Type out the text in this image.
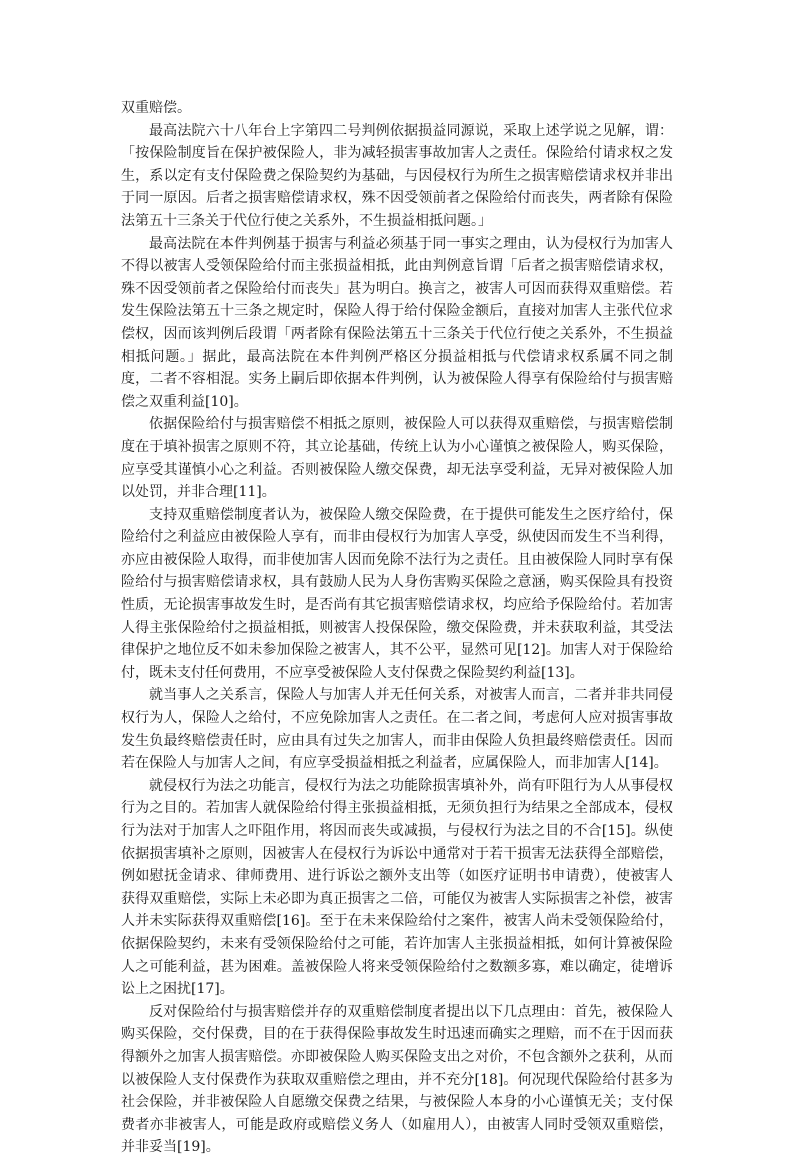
双重赔偿。

最高法院六十八年台上字第四二号判例依据损益同源说，采取上述学说之见解，谓：「按保险制度旨在保护被保险人，非为减轻损害事故加害人之责任。保险给付请求权之发生，系以定有支付保险费之保险契约为基础，与因侵权行为所生之损害赔偿请求权并非出于同一原因。后者之损害赔偿请求权，殊不因受领前者之保险给付而丧失，两者除有保险法第五十三条关于代位行使之关系外，不生损益相抵问题。」

最高法院在本件判例基于损害与利益必须基于同一事实之理由，认为侵权行为加害人不得以被害人受领保险给付而主张损益相抵，此由判例意旨谓「后者之损害赔偿请求权，殊不因受领前者之保险给付而丧失」甚为明白。换言之，被害人可因而获得双重赔偿。若发生保险法第五十三条之规定时，保险人得于给付保险金额后，直接对加害人主张代位求偿权，因而该判例后段谓「两者除有保险法第五十三条关于代位行使之关系外，不生损益相抵问题。」据此，最高法院在本件判例严格区分损益相抵与代偿请求权系属不同之制度，二者不容相混。实务上嗣后即依据本件判例，认为被保险人得享有保险给付与损害赔偿之双重利益[10]。

依据保险给付与损害赔偿不相抵之原则，被保险人可以获得双重赔偿，与损害赔偿制度在于填补损害之原则不符，其立论基础，传统上认为小心谨慎之被保险人，购买保险，应享受其谨慎小心之利益。否则被保险人缴交保费，却无法享受利益，无异对被保险人加以处罚，并非合理[11]。

支持双重赔偿制度者认为，被保险人缴交保险费，在于提供可能发生之医疗给付，保险给付之利益应由被保险人享有，而非由侵权行为加害人享受，纵使因而发生不当利得，亦应由被保险人取得，而非使加害人因而免除不法行为之责任。且由被保险人同时享有保险给付与损害赔偿请求权，具有鼓励人民为人身伤害购买保险之意涵，购买保险具有投资性质，无论损害事故发生时，是否尚有其它损害赔偿请求权，均应给予保险给付。若加害人得主张保险给付之损益相抵，则被害人投保保险，缴交保险费，并未获取利益，其受法律保护之地位反不如未参加保险之被害人，其不公平，显然可见[12]。加害人对于保险给付，既未支付任何费用，不应享受被保险人支付保费之保险契约利益[13]。

就当事人之关系言，保险人与加害人并无任何关系，对被害人而言，二者并非共同侵权行为人，保险人之给付，不应免除加害人之责任。在二者之间，考虑何人应对损害事故发生负最终赔偿责任时，应由具有过失之加害人，而非由保险人负担最终赔偿责任。因而若在保险人与加害人之间，有应享受损益相抵之利益者，应属保险人，而非加害人[14]。

就侵权行为法之功能言，侵权行为法之功能除损害填补外，尚有吓阻行为人从事侵权行为之目的。若加害人就保险给付得主张损益相抵，无须负担行为结果之全部成本，侵权行为法对于加害人之吓阻作用，将因而丧失或减损，与侵权行为法之目的不合[15]。纵使依据损害填补之原则，因被害人在侵权行为诉讼中通常对于若干损害无法获得全部赔偿，例如慰抚金请求、律师费用、进行诉讼之额外支出等（如医疗证明书申请费），使被害人获得双重赔偿，实际上未必即为真正损害之二倍，可能仅为被害人实际损害之补偿，被害人并未实际获得双重赔偿[16]。至于在未来保险给付之案件，被害人尚未受领保险给付，依据保险契约，未来有受领保险给付之可能，若许加害人主张损益相抵，如何计算被保险人之可能利益，甚为困难。盖被保险人将来受领保险给付之数额多寡，难以确定，徒增诉讼上之困扰[17]。

反对保险给付与损害赔偿并存的双重赔偿制度者提出以下几点理由：首先，被保险人购买保险，交付保费，目的在于获得保险事故发生时迅速而确实之理赔，而不在于因而获得额外之加害人损害赔偿。亦即被保险人购买保险支出之对价，不包含额外之获利，从而以被保险人支付保费作为获取双重赔偿之理由，并不充分[18]。何况现代保险给付甚多为社会保险，并非被保险人自愿缴交保费之结果，与被保险人本身的小心谨慎无关；支付保费者亦非被害人，可能是政府或赔偿义务人（如雇用人），由被害人同时受领双重赔偿，并非妥当[19]。
